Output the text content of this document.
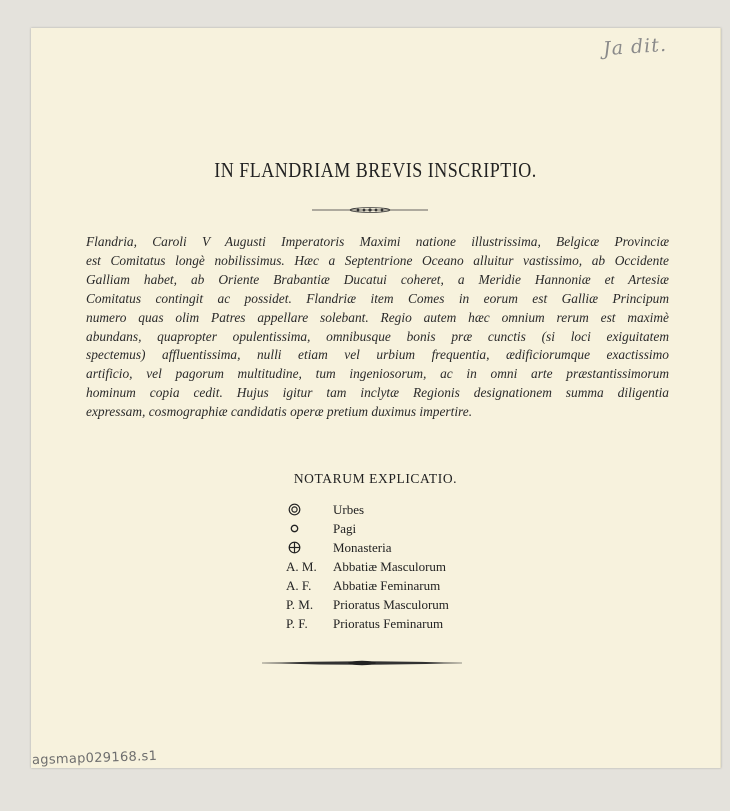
Ja dit.
IN FLANDRIAM BREVIS INSCRIPTIO.

Flandria, Caroli V Augusti Imperatoris Maximi natione illustrissima, Belgicæ Provinciæ
est Comitatus longè nobilissimus. Hæc a Septentrione Oceano alluitur vastissimo, ab Occidente
Galliam habet, ab Oriente Brabantiæ Ducatui coheret, a Meridie Hannoniæ et Artesiæ
Comitatus contingit ac possidet. Flandriæ item Comes in eorum est Galliæ Principum
numero quas olim Patres appellare solebant. Regio autem hæc omnium rerum est maximè
abundans, quapropter opulentissima, omnibusque bonis præ cunctis (si loci exiguitatem
spectemus) affluentissima, nulli etiam vel urbium frequentia, ædificiorumque exactissimo
artificio, vel pagorum multitudine, tum ingeniosorum, ac in omni arte præstantissimorum
hominum copia cedit. Hujus igitur tam inclytæ Regionis designationem summa diligentia
expressam, cosmographiæ candidatis operæ pretium duximus impertire.

NOTARUM EXPLICATIO.
Urbes
Pagi
Monasteria
A. M. Abbatiæ Masculorum
A. F. Abbatiæ Feminarum
P. M. Prioratus Masculorum
P. F. Prioratus Feminarum
agsmap029168.s1
